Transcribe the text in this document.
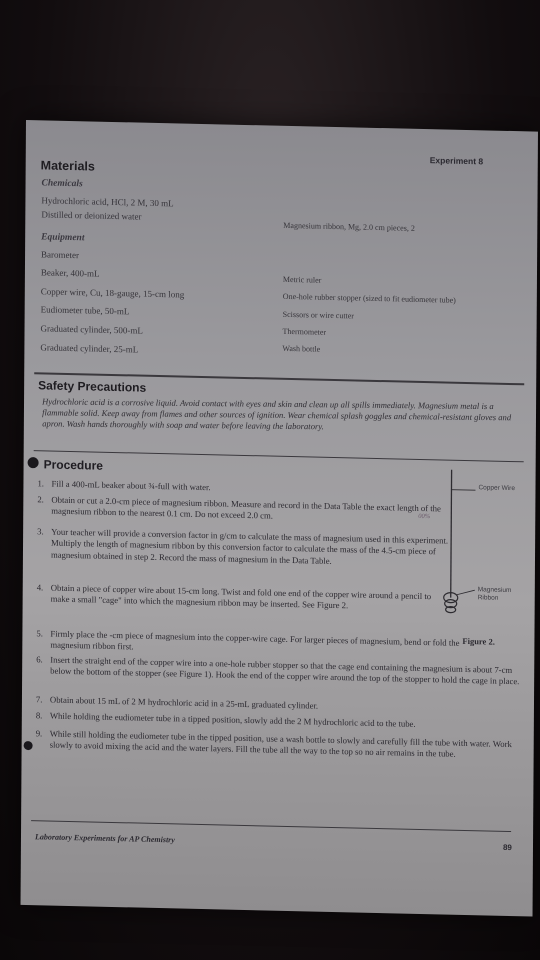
Experiment 8
Materials
Chemicals
Hydrochloric acid, HCl, 2 M, 30 mL
Distilled or deionized water
Magnesium ribbon, Mg, 2.0 cm pieces, 2
Equipment
Barometer
Beaker, 400-mL
Copper wire, Cu, 18-gauge, 15-cm long
Eudiometer tube, 50-mL
Graduated cylinder, 500-mL
Graduated cylinder, 25-mL
Metric ruler
One-hole rubber stopper (sized to fit eudiometer tube)
Scissors or wire cutter
Thermometer
Wash bottle
Safety Precautions
Hydrochloric acid is a corrosive liquid. Avoid contact with eyes and skin and clean up all spills immediately. Magnesium metal is a flammable solid. Keep away from flames and other sources of ignition. Wear chemical splash goggles and chemical-resistant gloves and apron. Wash hands thoroughly with soap and water before leaving the laboratory.
Procedure
1. Fill a 400-mL beaker about ¾-full with water.
2. Obtain or cut a 2.0-cm piece of magnesium ribbon. Measure and record in the Data Table the exact length of the magnesium ribbon to the nearest 0.1 cm. Do not exceed 2.0 cm.	00%
3. Your teacher will provide a conversion factor in g/cm to calculate the mass of magnesium used in this experiment. Multiply the length of magnesium ribbon by this conversion factor to calculate the mass of the 4.5-cm piece of magnesium obtained in step 2. Record the mass of magnesium in the Data Table.
4. Obtain a piece of copper wire about 15-cm long. Twist and fold one end of the copper wire around a pencil to make a small "cage" into which the magnesium ribbon may be inserted. See Figure 2.
5. Firmly place the -cm piece of magnesium into the copper-wire cage. For larger pieces of magnesium, bend or fold the magnesium ribbon first.
6. Insert the straight end of the copper wire into a one-hole rubber stopper so that the cage end containing the magnesium is about 7-cm below the bottom of the stopper (see Figure 1). Hook the end of the copper wire around the top of the stopper to hold the cage in place.
7. Obtain about 15 mL of 2 M hydrochloric acid in a 25-mL graduated cylinder.
8. While holding the eudiometer tube in a tipped position, slowly add the 2 M hydrochloric acid to the tube.
9. While still holding the eudiometer tube in the tipped position, use a wash bottle to slowly and carefully fill the tube with water. Work slowly to avoid mixing the acid and the water layers. Fill the tube all the way to the top so no air remains in the tube.
Copper Wire
Magnesium Ribbon
Figure 2.
Laboratory Experiments for AP Chemistry
89
